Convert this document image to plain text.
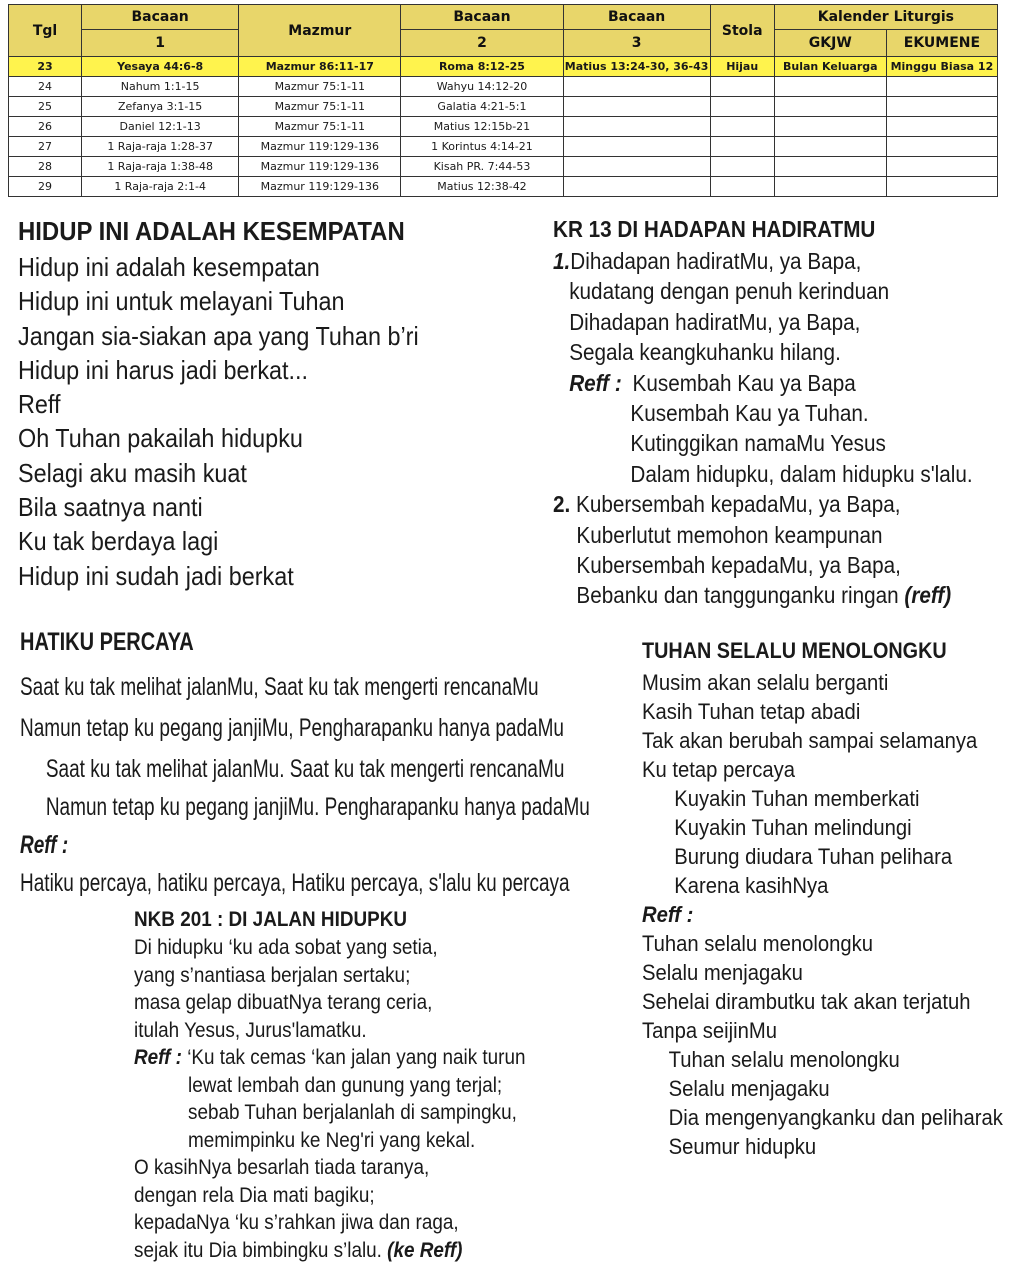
Tgl	Bacaan	Mazmur	Bacaan	Bacaan	Stola	Kalender Liturgis	
	1		2	3		GKJW	EKUMENE
23	Yesaya 44:6-8	Mazmur 86:11-17	Roma 8:12-25	Matius 13:24-30, 36-43	Hijau	Bulan Keluarga	Minggu Biasa 12
24	Nahum 1:1-15	Mazmur 75:1-11	Wahyu 14:12-20				
25	Zefanya 3:1-15	Mazmur 75:1-11	Galatia 4:21-5:1				
26	Daniel 12:1-13	Mazmur 75:1-11	Matius 12:15b-21				
27	1 Raja-raja 1:28-37	Mazmur 119:129-136	1 Korintus 4:14-21				
28	1 Raja-raja 1:38-48	Mazmur 119:129-136	Kisah PR. 7:44-53				
29	1 Raja-raja 2:1-4	Mazmur 119:129-136	Matius 12:38-42				
HIDUP INI ADALAH KESEMPATAN
Hidup ini adalah kesempatan
Hidup ini untuk melayani Tuhan
Jangan sia-siakan apa yang Tuhan b’ri
Hidup ini harus jadi berkat...
Reff
Oh Tuhan pakailah hidupku
Selagi aku masih kuat
Bila saatnya nanti
Ku tak berdaya lagi
Hidup ini sudah jadi berkat
KR 13 DI HADAPAN HADIRATMU
1.Dihadapan hadiratMu, ya Bapa,
kudatang dengan penuh kerinduan
Dihadapan hadiratMu, ya Bapa,
Segala keangkuhanku hilang.
Reff : Kusembah Kau ya Bapa
Kusembah Kau ya Tuhan.
Kutinggikan namaMu Yesus
Dalam hidupku, dalam hidupku s'lalu.
2. Kubersembah kepadaMu, ya Bapa,
Kuberlutut memohon keampunan
Kubersembah kepadaMu, ya Bapa,
Bebanku dan tanggunganku ringan (reff)
HATIKU PERCAYA
Saat ku tak melihat jalanMu, Saat ku tak mengerti rencanaMu
Namun tetap ku pegang janjiMu, Pengharapanku hanya padaMu
Saat ku tak melihat jalanMu. Saat ku tak mengerti rencanaMu
Namun tetap ku pegang janjiMu. Pengharapanku hanya padaMu
Reff :
Hatiku percaya, hatiku percaya, Hatiku percaya, s'lalu ku percaya
TUHAN SELALU MENOLONGKU
Musim akan selalu berganti
Kasih Tuhan tetap abadi
Tak akan berubah sampai selamanya
Ku tetap percaya
Kuyakin Tuhan memberkati
Kuyakin Tuhan melindungi
Burung diudara Tuhan pelihara
Karena kasihNya
Reff :
Tuhan selalu menolongku
Selalu menjagaku
Sehelai dirambutku tak akan terjatuh
Tanpa seijinMu
Tuhan selalu menolongku
Selalu menjagaku
Dia mengenyangkanku dan peliharak
Seumur hidupku
NKB 201 : DI JALAN HIDUPKU
Di hidupku ‘ku ada sobat yang setia,
yang s’nantiasa berjalan sertaku;
masa gelap dibuatNya terang ceria,
itulah Yesus, Jurus'lamatku.
Reff : ‘Ku tak cemas ‘kan jalan yang naik turun
lewat lembah dan gunung yang terjal;
sebab Tuhan berjalanlah di sampingku,
memimpinku ke Neg'ri yang kekal.
O kasihNya besarlah tiada taranya,
dengan rela Dia mati bagiku;
kepadaNya ‘ku s’rahkan jiwa dan raga,
sejak itu Dia bimbingku s’lalu. (ke Reff)
